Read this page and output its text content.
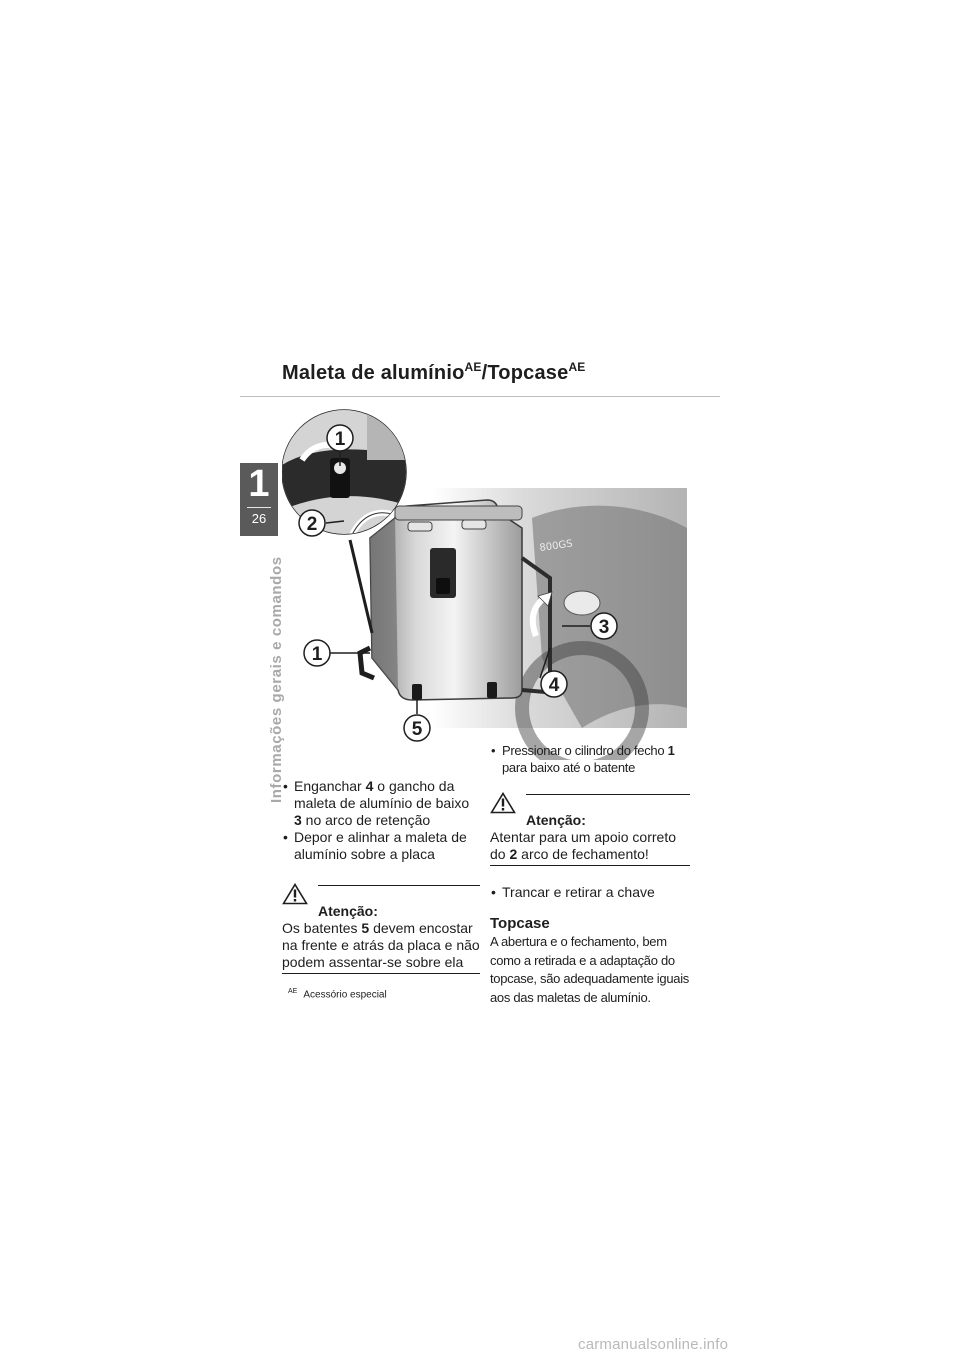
Maleta de alumínio$^{AE}$/Topcase$^{AE}$
1
26
Informações gerais e comandos
800GS
1
2
1
3
4
5
• Enganchar 4 o gancho da maleta de alumínio de baixo 3 no arco de retenção
• Depor e alinhar a maleta de alumínio sobre a placa
Atenção:
Os batentes 5 devem encostar na frente e atrás da placa e não podem assentar-se sobre ela
• Pressionar o cilindro do fecho 1 para baixo até o batente
Atenção:
Atentar para um apoio correto do 2 arco de fechamento!
• Trancar e retirar a chave
Topcase

A abertura e o fechamento, bem como a retirada e a adaptação do topcase, são adequadamente iguais aos das maletas de alumínio.

$^{AE}$ Acessório especial
carmanualsonline.info
